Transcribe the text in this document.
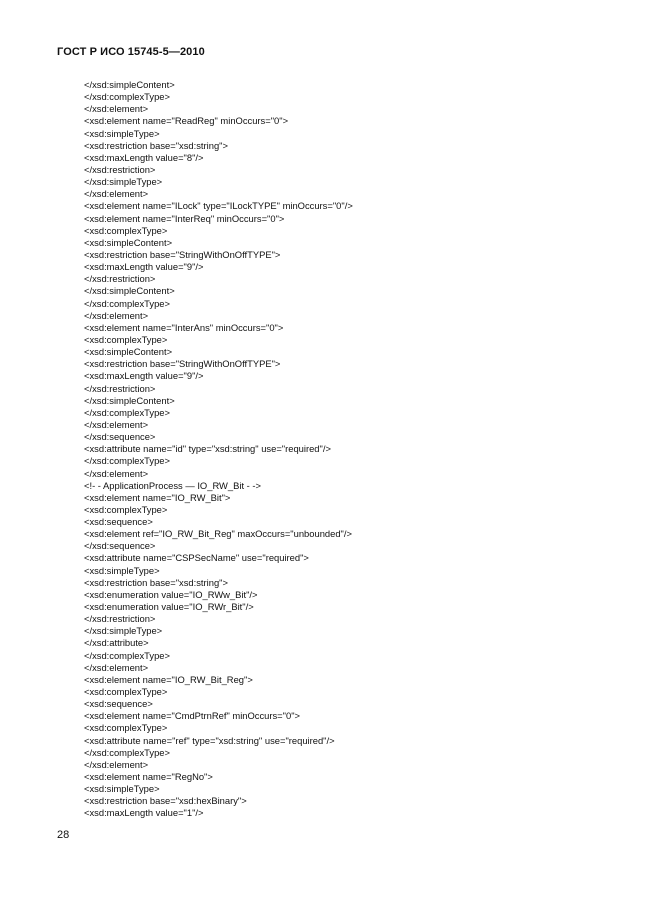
ГОСТ Р ИСО 15745-5—2010
</xsd:simpleContent>
</xsd:complexType>
</xsd:element>
<xsd:element name="ReadReg" minOccurs="0">
<xsd:simpleType>
<xsd:restriction base="xsd:string">
<xsd:maxLength value="8"/>
</xsd:restriction>
</xsd:simpleType>
</xsd:element>
<xsd:element name="ILock" type="ILockTYPE" minOccurs="0"/>
<xsd:element name="InterReq" minOccurs="0">
<xsd:complexType>
<xsd:simpleContent>
<xsd:restriction base="StringWithOnOffTYPE">
<xsd:maxLength value="9"/>
</xsd:restriction>
</xsd:simpleContent>
</xsd:complexType>
</xsd:element>
<xsd:element name="InterAns" minOccurs="0">
<xsd:complexType>
<xsd:simpleContent>
<xsd:restriction base="StringWithOnOffTYPE">
<xsd:maxLength value="9"/>
</xsd:restriction>
</xsd:simpleContent>
</xsd:complexType>
</xsd:element>
</xsd:sequence>
<xsd:attribute name="id" type="xsd:string" use="required"/>
</xsd:complexType>
</xsd:element>
<!- - ApplicationProcess — IO_RW_Bit - ->
<xsd:element name="IO_RW_Bit">
<xsd:complexType>
<xsd:sequence>
<xsd:element ref="IO_RW_Bit_Reg" maxOccurs="unbounded"/>
</xsd:sequence>
<xsd:attribute name="CSPSecName" use="required">
<xsd:simpleType>
<xsd:restriction base="xsd:string">
<xsd:enumeration value="IO_RWw_Bit"/>
<xsd:enumeration value="IO_RWr_Bit"/>
</xsd:restriction>
</xsd:simpleType>
</xsd:attribute>
</xsd:complexType>
</xsd:element>
<xsd:element name="IO_RW_Bit_Reg">
<xsd:complexType>
<xsd:sequence>
<xsd:element name="CmdPtrnRef" minOccurs="0">
<xsd:complexType>
<xsd:attribute name="ref" type="xsd:string" use="required"/>
</xsd:complexType>
</xsd:element>
<xsd:element name="RegNo">
<xsd:simpleType>
<xsd:restriction base="xsd:hexBinary">
<xsd:maxLength value="1"/>
28
